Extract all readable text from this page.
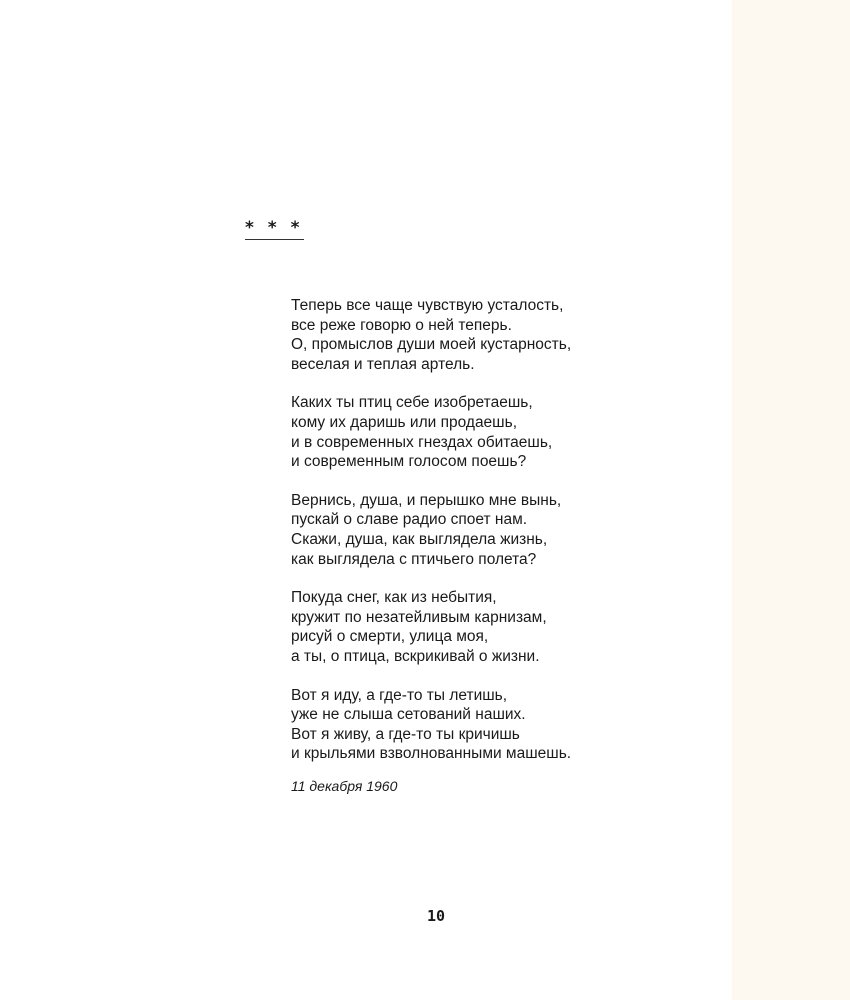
* * *
Теперь все чаще чувствую усталость,
все реже говорю о ней теперь.
О, промыслов души моей кустарность,
веселая и теплая артель.
Каких ты птиц себе изобретаешь,
кому их даришь или продаешь,
и в современных гнездах обитаешь,
и современным голосом поешь?
Вернись, душа, и перышко мне вынь,
пускай о славе радио споет нам.
Скажи, душа, как выглядела жизнь,
как выглядела с птичьего полета?
Покуда снег, как из небытия,
кружит по незатейливым карнизам,
рисуй о смерти, улица моя,
а ты, о птица, вскрикивай о жизни.
Вот я иду, а где-то ты летишь,
уже не слыша сетований наших.
Вот я живу, а где-то ты кричишь
и крыльями взволнованными машешь.
11 декабря 1960
10
